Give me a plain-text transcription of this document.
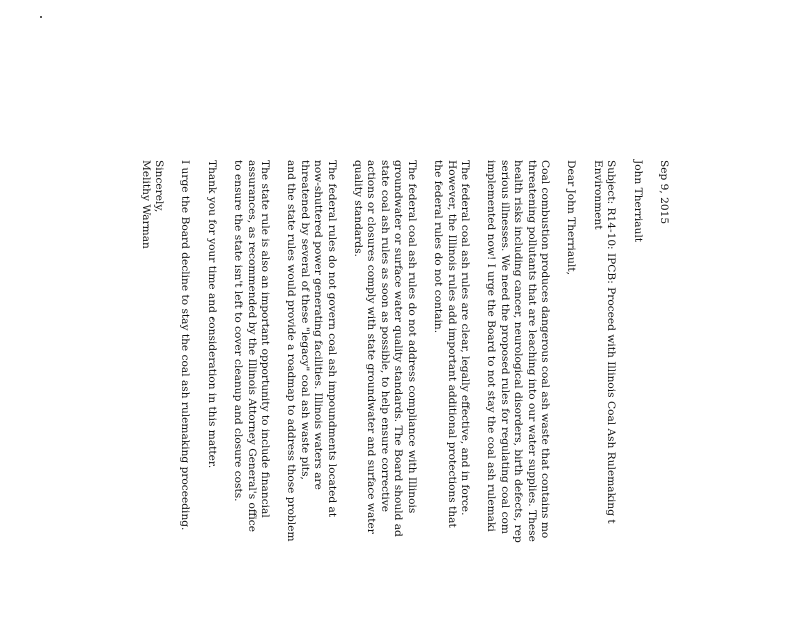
Sep 9, 2015

John Therriault

Subject: R14-10: IPCB: Proceed with Illinois Coal Ash Rulemaking t
Environment

Dear John Therriault,

Coal combustion produces dangerous coal ash waste that contains mo
threatening pollutants that are leaching into our water supplies. These
health risks including cancer, neurological disorders, birth defects, rep
serious illnesses. We need the proposed rules for regulating coal com
implemented now! I urge the Board to not stay the coal ash rulemaki

The federal coal ash rules are clear, legally effective, and in force.
However, the Illinois rules add important additional protections that
the federal rules do not contain.

The federal coal ash rules do not address compliance with Illinois
groundwater or surface water quality standards. The Board should ad
state coal ash rules as soon as possible, to help ensure corrective
actions or closures comply with state groundwater and surface water
quality standards.

The federal rules do not govern coal ash impoundments located at
now-shuttered power generating facilities. Illinois waters are
threatened by several of these "legacy" coal ash waste pits,
and the state rules would provide a roadmap to address those problem

The state rule is also an important opportunity to include financial
assurances, as recommended by the Illinois Attorney General's office
to ensure the state isn't left to cover cleanup and closure costs.

Thank you for your time and consideration in this matter.

I urge the Board decline to stay the coal ash rulemaking proceeding.

Sincerely,
Melithy Warman
